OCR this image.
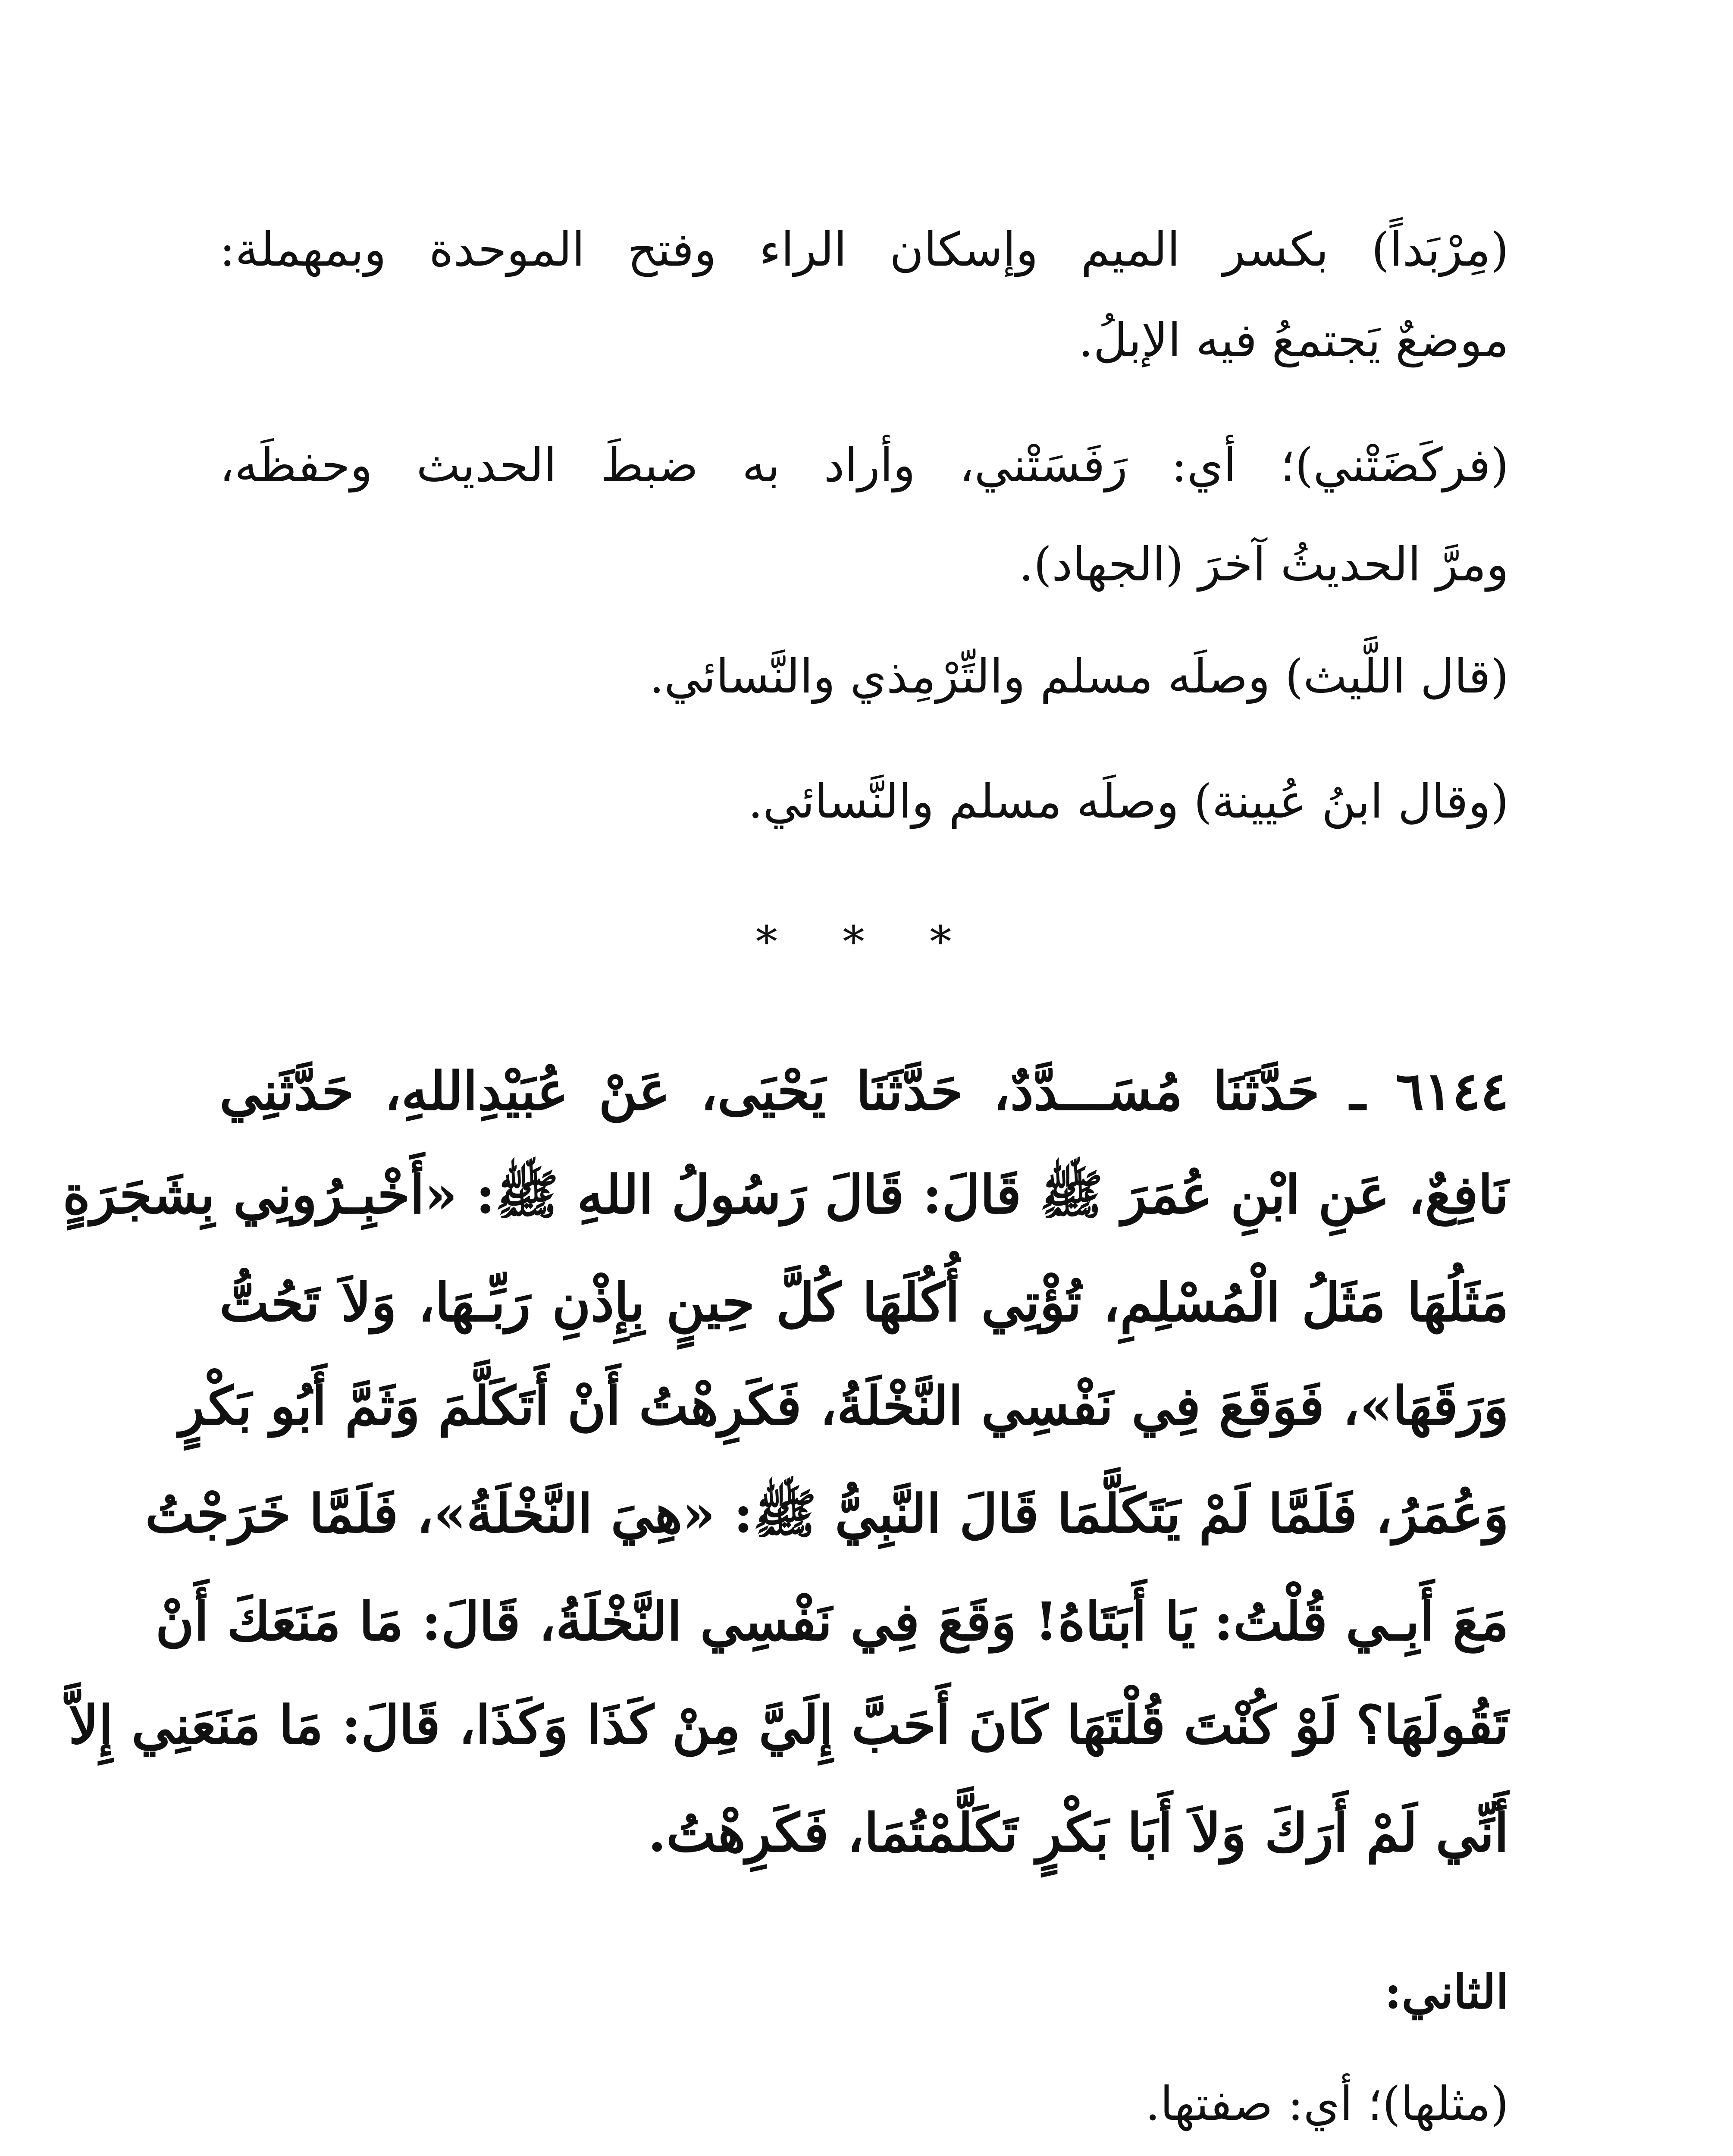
(مِرْبَداً) بكسر الميم وإسكان الراء وفتح الموحدة وبمهملة:
موضعٌ يَجتمعُ فيه الإبلُ.
(فركَضَتْني)؛ أي: رَفَسَتْني، وأراد به ضبطَ الحديث وحفظَه،
ومرَّ الحديثُ آخرَ (الجهاد).
(قال اللَّيث) وصلَه مسلم والتِّرْمِذي والنَّسائي.
(وقال ابنُ عُيينة) وصلَه مسلم والنَّسائي.
* * *
٦١٤٤ ـ حَدَّثَنَا مُسَـــدَّدٌ، حَدَّثَنَا يَحْيَى، عَنْ عُبَيْدِاللهِ، حَدَّثَنِي
نَافِعٌ، عَنِ ابْنِ عُمَرَ ﷺ قَالَ: قَالَ رَسُولُ اللهِ ﷺ: «أَخْبِـرُونِي بِشَجَرَةٍ
مَثَلُهَا مَثَلُ الْمُسْلِمِ، تُؤْتِي أُكُلَهَا كُلَّ حِينٍ بِإِذْنِ رَبِّـهَا، وَلاَ تَحُتُّ
وَرَقَهَا»، فَوَقَعَ فِي نَفْسِي النَّخْلَةُ، فَكَرِهْتُ أَنْ أَتَكَلَّمَ وَثَمَّ أَبُو بَكْرٍ
وَعُمَرُ، فَلَمَّا لَمْ يَتَكَلَّمَا قَالَ النَّبِيُّ ﷺ: «هِيَ النَّخْلَةُ»، فَلَمَّا خَرَجْتُ
مَعَ أَبِـي قُلْتُ: يَا أَبَتَاهُ! وَقَعَ فِي نَفْسِي النَّخْلَةُ، قَالَ: مَا مَنَعَكَ أَنْ
تَقُولَهَا؟ لَوْ كُنْتَ قُلْتَهَا كَانَ أَحَبَّ إِلَيَّ مِنْ كَذَا وَكَذَا، قَالَ: مَا مَنَعَنِي إِلاَّ
أَنِّي لَمْ أَرَكَ وَلاَ أَبَا بَكْرٍ تَكَلَّمْتُمَا، فَكَرِهْتُ.
الثاني:
(مثلها)؛ أي: صفتها.
